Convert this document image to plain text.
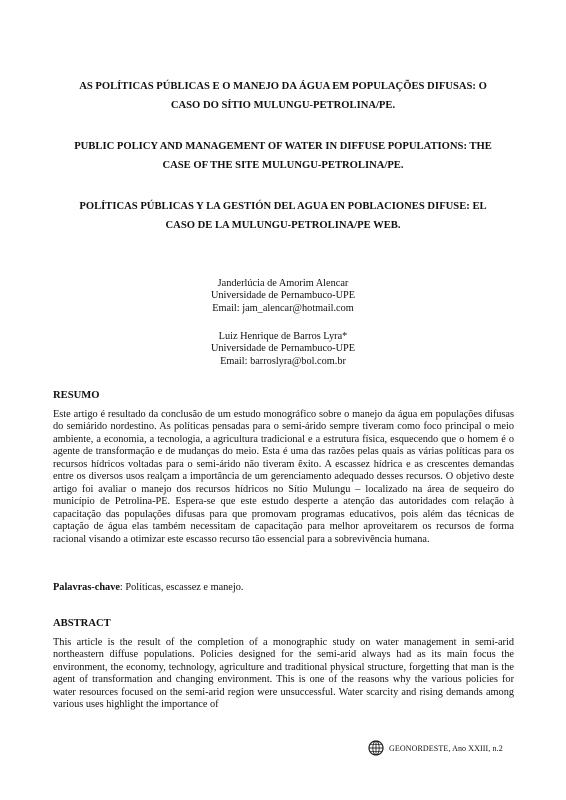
AS POLÍTICAS PÚBLICAS E O MANEJO DA ÁGUA EM POPULAÇÕES DIFUSAS: O
CASO DO SÍTIO MULUNGU-PETROLINA/PE.
PUBLIC POLICY AND MANAGEMENT OF WATER IN DIFFUSE POPULATIONS: THE
CASE OF THE SITE MULUNGU-PETROLINA/PE.
POLÍTICAS PÚBLICAS Y LA GESTIÓN DEL AGUA EN POBLACIONES DIFUSE: EL
CASO DE LA MULUNGU-PETROLINA/PE WEB.
Janderlúcia de Amorim Alencar
Universidade de Pernambuco-UPE
Email: jam_alencar@hotmail.com
Luiz Henrique de Barros Lyra*
Universidade de Pernambuco-UPE
Email: barroslyra@bol.com.br
RESUMO

Este artigo é resultado da conclusão de um estudo monográfico sobre o manejo da água em populações difusas do semiárido nordestino. As políticas pensadas para o semi-árido sempre tiveram como foco principal o meio ambiente, a economia, a tecnologia, a agricultura tradicional e a estrutura física, esquecendo que o homem é o agente de transformação e de mudanças do meio. Esta é uma das razões pelas quais as várias políticas para os recursos hídricos voltadas para o semi-árido não tiveram êxito. A escassez hídrica e as crescentes demandas entre os diversos usos realçam a importância de um gerenciamento adequado desses recursos. O objetivo deste artigo foi avaliar o manejo dos recursos hídricos no Sítio Mulungu – localizado na área de sequeiro do município de Petrolina-PE. Espera-se que este estudo desperte a atenção das autoridades com relação à capacitação das populações difusas para que promovam programas educativos, pois além das técnicas de captação de água elas também necessitam de capacitação para melhor aproveitarem os recursos de forma racional visando a otimizar este escasso recurso tão essencial para a sobrevivência humana.

Palavras-chave: Políticas, escassez e manejo.
ABSTRACT

This article is the result of the completion of a monographic study on water management in semi-arid northeastern diffuse populations. Policies designed for the semi-arid always had as its main focus the environment, the economy, technology, agriculture and traditional physical structure, forgetting that man is the agent of transformation and changing environment. This is one of the reasons why the various policies for water resources focused on the semi-arid region were unsuccessful. Water scarcity and rising demands among various uses highlight the importance of

GEONORDESTE, Ano XXIII, n.2
